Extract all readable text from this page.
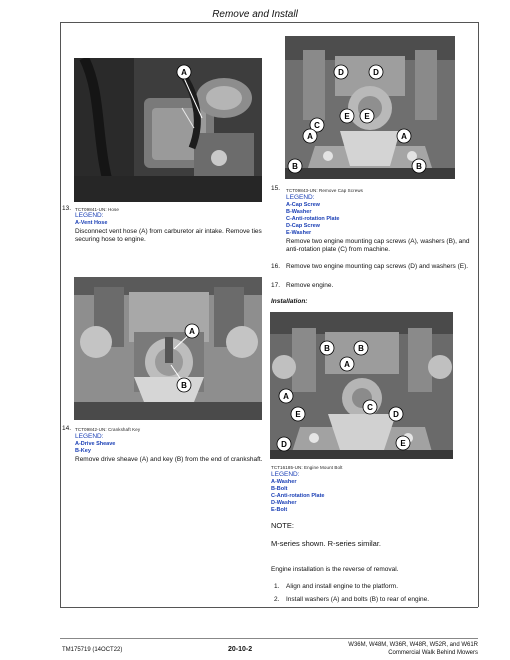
Remove and Install
A
13. TCT09841-UN: Hose
LEGEND:
A-Vent Hose
Disconnect vent hose (A) from carburetor air intake. Remove ties securing hose to engine.
A
B
14. TCT09842-UN: Crankshaft Key
LEGEND:
A-Drive Sheave
B-Key
Remove drive sheave (A) and key (B) from the end of crankshaft.
D	D
E E
C
A	A
B	B
15. TCT09843-UN: Remove Cap Screws
LEGEND:
A-Cap Screw
B-Washer
C-Anti-rotation Plate
D-Cap Screw
E-Washer
Remove two engine mounting cap screws (A), washers (B), and anti-rotation plate (C) from machine.
16. Remove two engine mounting cap screws (D) and washers (E).
17. Remove engine.
Installation:
B	B
A
A
C
E	D
D	E
TCT16185-UN: Engine Mount Bolt
LEGEND:
A-Washer
B-Bolt
C-Anti-rotation Plate
D-Washer
E-Bolt
NOTE:
M-series shown. R-series similar.
Engine installation is the reverse of removal.
1. Align and install engine to the platform.
2. Install washers (A) and bolts (B) to rear of engine.
TM175719 (14OCT22)	20-10-2
W36M, W48M, W36R, W48R, W52R, and W61R
Commercial Walk Behind Mowers
